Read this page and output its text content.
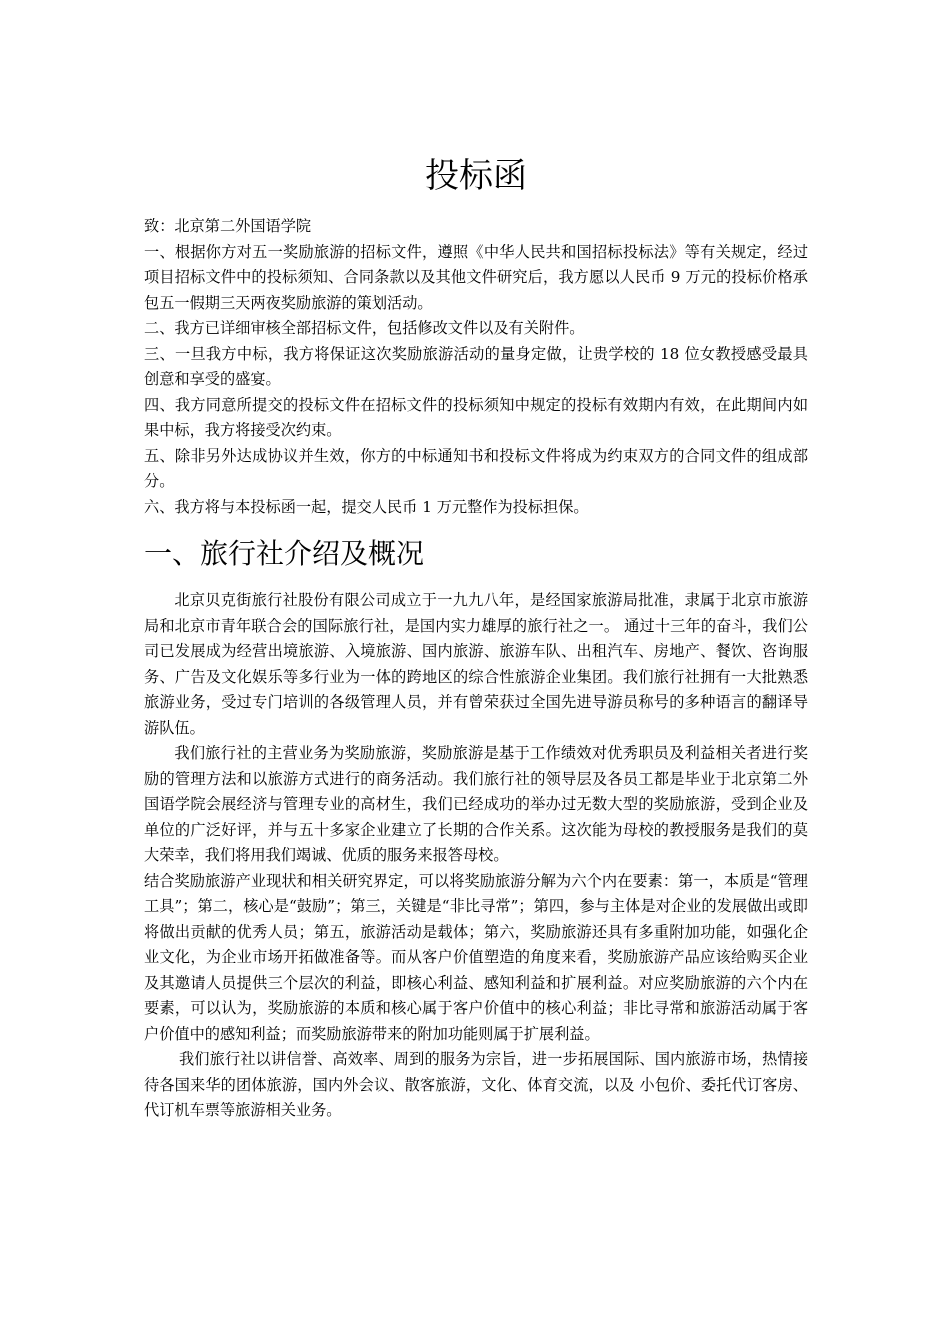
投标函

致：北京第二外国语学院

一、根据你方对五一奖励旅游的招标文件，遵照《中华人民共和国招标投标法》等有关规定，经过项目招标文件中的投标须知、合同条款以及其他文件研究后，我方愿以人民币 9 万元的投标价格承包五一假期三天两夜奖励旅游的策划活动。

二、我方已详细审核全部招标文件，包括修改文件以及有关附件。

三、一旦我方中标，我方将保证这次奖励旅游活动的量身定做，让贵学校的 18 位女教授感受最具创意和享受的盛宴。

四、我方同意所提交的投标文件在招标文件的投标须知中规定的投标有效期内有效，在此期间内如果中标，我方将接受次约束。

五、除非另外达成协议并生效，你方的中标通知书和投标文件将成为约束双方的合同文件的组成部分。

六、我方将与本投标函一起，提交人民币 1 万元整作为投标担保。

一、旅行社介绍及概况

北京贝克街旅行社股份有限公司成立于一九九八年，是经国家旅游局批准，隶属于北京市旅游局和北京市青年联合会的国际旅行社，是国内实力雄厚的旅行社之一。 通过十三年的奋斗，我们公司已发展成为经营出境旅游、入境旅游、国内旅游、旅游车队、出租汽车、房地产、餐饮、咨询服务、广告及文化娱乐等多行业为一体的跨地区的综合性旅游企业集团。我们旅行社拥有一大批熟悉旅游业务，受过专门培训的各级管理人员，并有曾荣获过全国先进导游员称号的多种语言的翻译导游队伍。

我们旅行社的主营业务为奖励旅游，奖励旅游是基于工作绩效对优秀职员及利益相关者进行奖励的管理方法和以旅游方式进行的商务活动。我们旅行社的领导层及各员工都是毕业于北京第二外国语学院会展经济与管理专业的高材生，我们已经成功的举办过无数大型的奖励旅游，受到企业及单位的广泛好评，并与五十多家企业建立了长期的合作关系。这次能为母校的教授服务是我们的莫大荣幸，我们将用我们竭诚、优质的服务来报答母校。

结合奖励旅游产业现状和相关研究界定，可以将奖励旅游分解为六个内在要素：第一，本质是“管理工具”；第二，核心是“鼓励”；第三，关键是“非比寻常”；第四，参与主体是对企业的发展做出或即将做出贡献的优秀人员；第五，旅游活动是载体；第六，奖励旅游还具有多重附加功能，如强化企业文化，为企业市场开拓做准备等。而从客户价值塑造的角度来看，奖励旅游产品应该给购买企业及其邀请人员提供三个层次的利益，即核心利益、感知利益和扩展利益。对应奖励旅游的六个内在要素，可以认为，奖励旅游的本质和核心属于客户价值中的核心利益；非比寻常和旅游活动属于客户价值中的感知利益；而奖励旅游带来的附加功能则属于扩展利益。

我们旅行社以讲信誉、高效率、周到的服务为宗旨，进一步拓展国际、国内旅游市场，热情接待各国来华的团体旅游，国内外会议、散客旅游，文化、体育交流，以及 小包价、委托代订客房、代订机车票等旅游相关业务。
